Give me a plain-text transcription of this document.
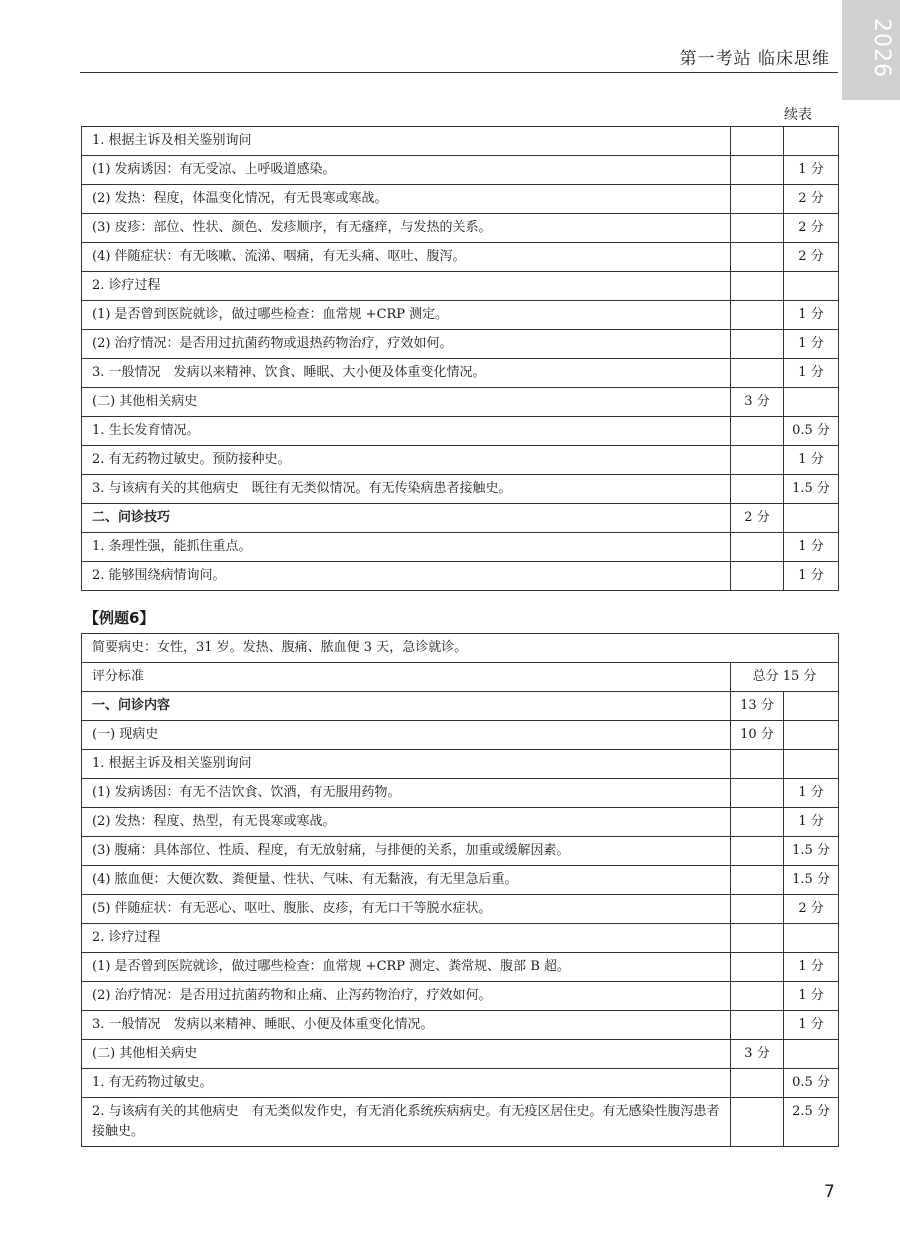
2026
第一考站 临床思维
续表
1. 根据主诉及相关鉴别询问		
(1) 发病诱因：有无受凉、上呼吸道感染。		1 分
(2) 发热：程度，体温变化情况，有无畏寒或寒战。		2 分
(3) 皮疹：部位、性状、颜色、发疹顺序，有无瘙痒，与发热的关系。		2 分
(4) 伴随症状：有无咳嗽、流涕、咽痛，有无头痛、呕吐、腹泻。		2 分
2. 诊疗过程		
(1) 是否曾到医院就诊，做过哪些检查：血常规 +CRP 测定。		1 分
(2) 治疗情况：是否用过抗菌药物或退热药物治疗，疗效如何。		1 分
3. 一般情况　发病以来精神、饮食、睡眠、大小便及体重变化情况。		1 分
(二) 其他相关病史	3 分	
1. 生长发育情况。		0.5 分
2. 有无药物过敏史。预防接种史。		1 分
3. 与该病有关的其他病史　既往有无类似情况。有无传染病患者接触史。		1.5 分
二、问诊技巧	2 分	
1. 条理性强，能抓住重点。		1 分
2. 能够围绕病情询问。		1 分
【例题6】
简要病史：女性，31 岁。发热、腹痛、脓血便 3 天，急诊就诊。		
评分标准	总分 15 分	
一、问诊内容	13 分	
(一) 现病史	10 分	
1. 根据主诉及相关鉴别询问		
(1) 发病诱因：有无不洁饮食、饮酒，有无服用药物。		1 分
(2) 发热：程度、热型，有无畏寒或寒战。		1 分
(3) 腹痛：具体部位、性质、程度，有无放射痛，与排便的关系，加重或缓解因素。		1.5 分
(4) 脓血便：大便次数、粪便量、性状、气味、有无黏液，有无里急后重。		1.5 分
(5) 伴随症状：有无恶心、呕吐、腹胀、皮疹，有无口干等脱水症状。		2 分
2. 诊疗过程		
(1) 是否曾到医院就诊，做过哪些检查：血常规 +CRP 测定、粪常规、腹部 B 超。		1 分
(2) 治疗情况：是否用过抗菌药物和止痛、止泻药物治疗，疗效如何。		1 分
3. 一般情况　发病以来精神、睡眠、小便及体重变化情况。		1 分
(二) 其他相关病史	3 分	
1. 有无药物过敏史。		0.5 分
2. 与该病有关的其他病史　有无类似发作史，有无消化系统疾病病史。有无疫区居住史。有无感染性腹泻患者接触史。		2.5 分
7
